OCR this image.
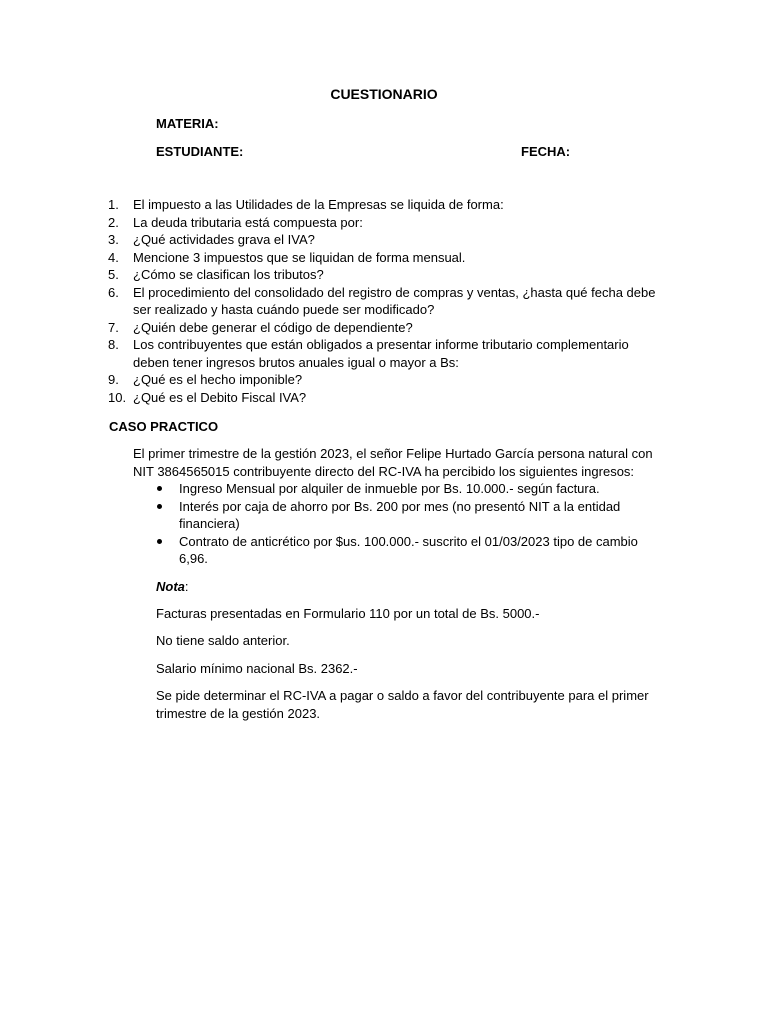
CUESTIONARIO
MATERIA:
ESTUDIANTE:	FECHA:
1. El impuesto a las Utilidades de la Empresas se liquida de forma:
2. La deuda tributaria está compuesta por:
3. ¿Qué actividades grava el IVA?
4. Mencione 3 impuestos que se liquidan de forma mensual.
5. ¿Cómo se clasifican los tributos?
6. El procedimiento del consolidado del registro de compras y ventas, ¿hasta qué fecha debe ser realizado y hasta cuándo puede ser modificado?
7. ¿Quién debe generar el código de dependiente?
8. Los contribuyentes que están obligados a presentar informe tributario complementario deben tener ingresos brutos anuales igual o mayor a Bs:
9. ¿Qué es el hecho imponible?
10. ¿Qué es el Debito Fiscal IVA?
CASO PRACTICO
El primer trimestre de la gestión 2023, el señor Felipe Hurtado García persona natural con NIT 3864565015 contribuyente directo del RC-IVA ha percibido los siguientes ingresos:
Ingreso Mensual por alquiler de inmueble por Bs. 10.000.- según factura.
Interés por caja de ahorro por Bs. 200 por mes (no presentó NIT a la entidad financiera)
Contrato de anticrético por $us. 100.000.- suscrito el 01/03/2023 tipo de cambio 6,96.
Nota:
Facturas presentadas en Formulario 110 por un total de Bs. 5000.-
No tiene saldo anterior.
Salario mínimo nacional Bs. 2362.-
Se pide determinar el RC-IVA a pagar o saldo a favor del contribuyente para el primer trimestre de la gestión 2023.
